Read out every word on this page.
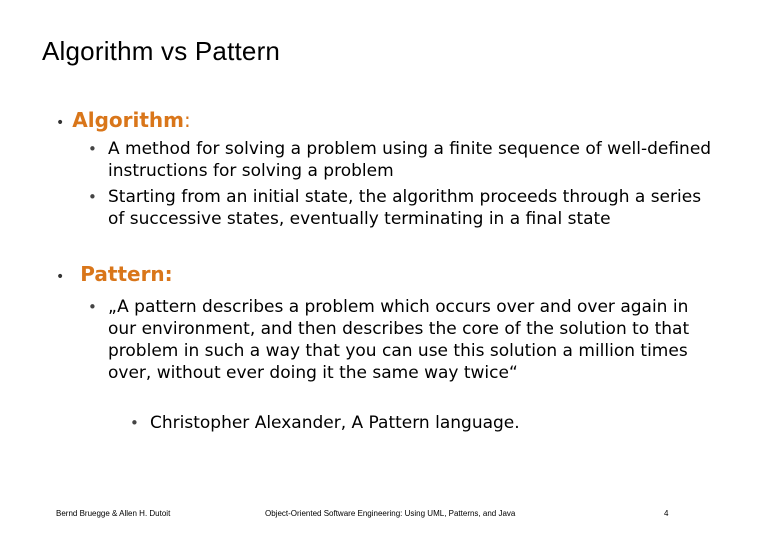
Algorithm vs Pattern
• Algorithm:
• A method for solving a problem using a finite sequence of well-defined instructions for solving a problem
• Starting from an initial state, the algorithm proceeds through a series of successive states, eventually terminating in a final state
• Pattern:
• „A pattern describes a problem which occurs over and over again in our environment, and then describes the core of the solution to that problem in such a way that you can use this solution a million times over, without ever doing it the same way twice“
• Christopher Alexander, A Pattern language.
Bernd Bruegge & Allen H. Dutoit	Object-Oriented Software Engineering: Using UML, Patterns, and Java	4
